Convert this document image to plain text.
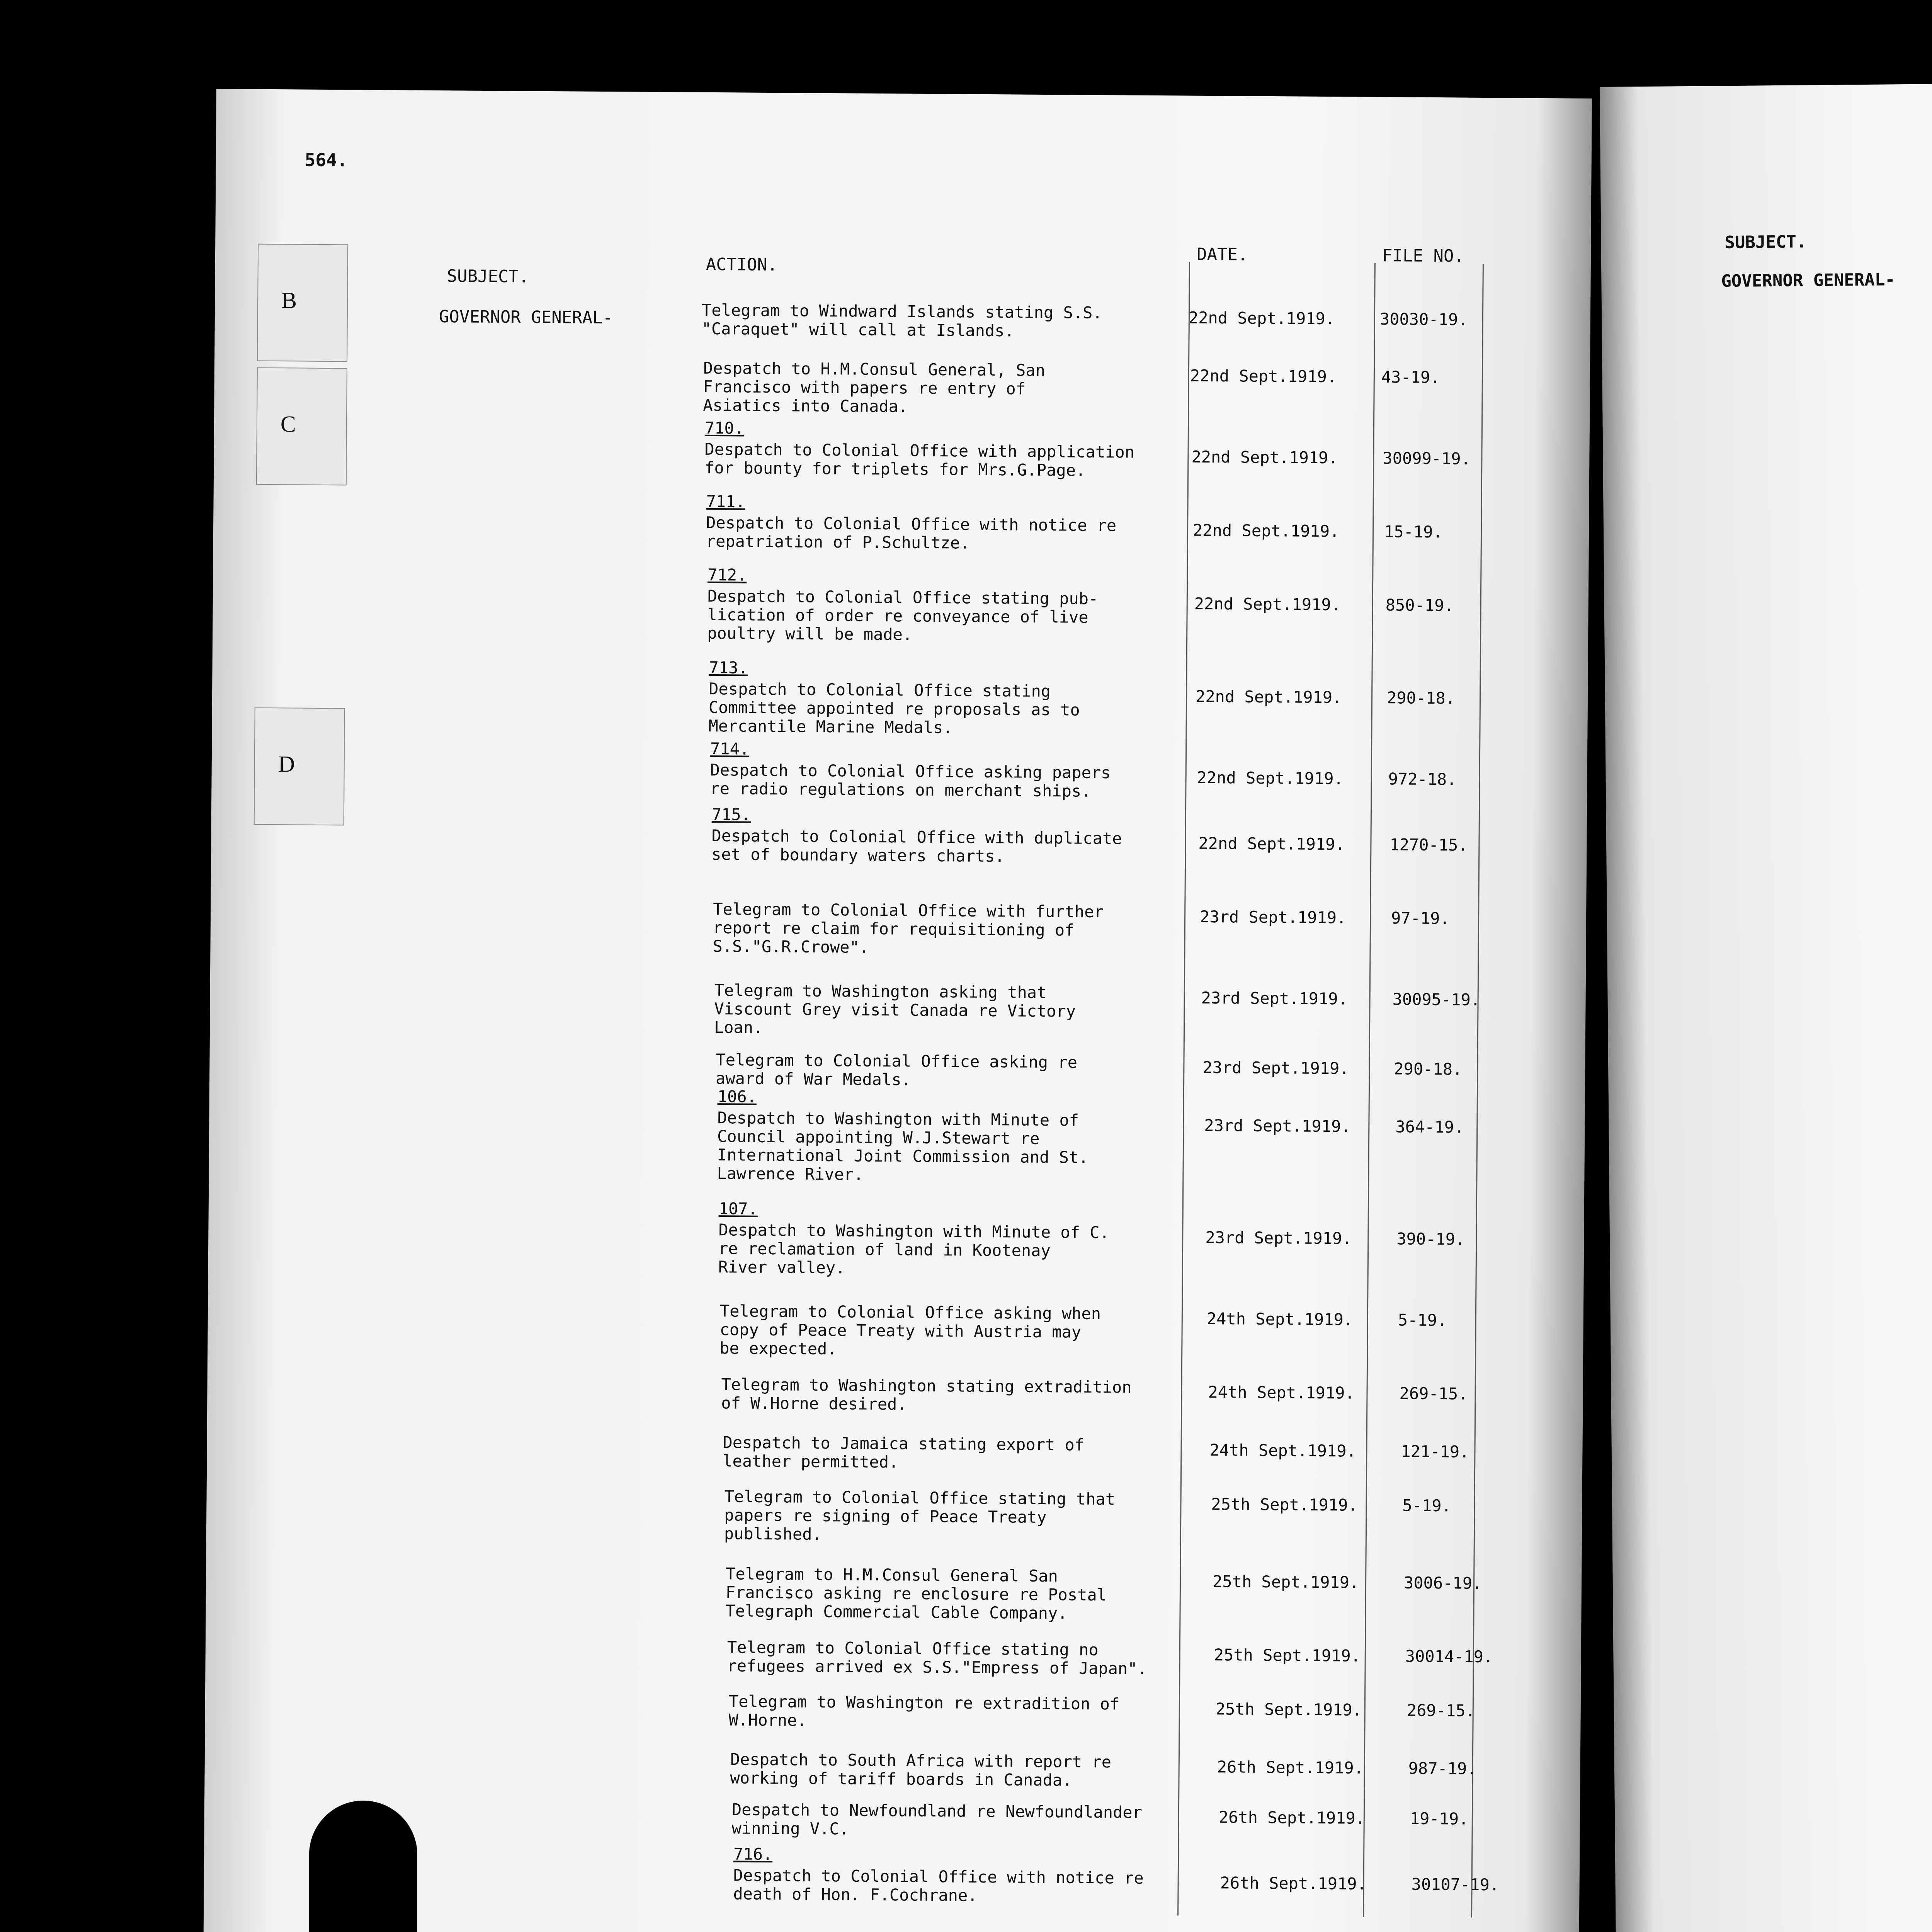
B
C
D
564.
SUBJECT.
ACTION.
DATE.	FILE NO.
GOVERNOR GENERAL-	Telegram to Windward Islands stating S.S.
"Caraquet" will call at Islands.
22nd Sept.1919.	30030-19.
Despatch to H.M.Consul General, San
Francisco with papers re entry of
Asiatics into Canada.
22nd Sept.1919.	43-19.
710.
Despatch to Colonial Office with application
for bounty for triplets for Mrs.G.Page.
22nd Sept.1919.	30099-19.
711.
Despatch to Colonial Office with notice re
repatriation of P.Schultze.
22nd Sept.1919.	15-19.
712.
Despatch to Colonial Office stating pub-
lication of order re conveyance of live
poultry will be made.
22nd Sept.1919.	850-19.
713.
Despatch to Colonial Office stating
Committee appointed re proposals as to
Mercantile Marine Medals.
22nd Sept.1919.	290-18.
714.
Despatch to Colonial Office asking papers
re radio regulations on merchant ships.
22nd Sept.1919.	972-18.
715.
Despatch to Colonial Office with duplicate
set of boundary waters charts.
22nd Sept.1919.	1270-15.
Telegram to Colonial Office with further
report re claim for requisitioning of
S.S."G.R.Crowe".
23rd Sept.1919.	97-19.
Telegram to Washington asking that
Viscount Grey visit Canada re Victory
Loan.
23rd Sept.1919.	30095-19.
Telegram to Colonial Office asking re
award of War Medals.
23rd Sept.1919.	290-18.
106.
Despatch to Washington with Minute of
Council appointing W.J.Stewart re
International Joint Commission and St.
Lawrence River.
23rd Sept.1919.	364-19.
107.
Despatch to Washington with Minute of C.
re reclamation of land in Kootenay
River valley.
23rd Sept.1919.	390-19.
Telegram to Colonial Office asking when
copy of Peace Treaty with Austria may
be expected.
24th Sept.1919.	5-19.
Telegram to Washington stating extradition
of W.Horne desired.
24th Sept.1919.	269-15.
Despatch to Jamaica stating export of
leather permitted.
24th Sept.1919.	121-19.
Telegram to Colonial Office stating that
papers re signing of Peace Treaty
published.
25th Sept.1919.	5-19.
Telegram to H.M.Consul General San
Francisco asking re enclosure re Postal
Telegraph Commercial Cable Company.
25th Sept.1919.	3006-19.
Telegram to Colonial Office stating no
refugees arrived ex S.S."Empress of Japan".
25th Sept.1919.	30014-19.
Telegram to Washington re extradition of
W.Horne.
25th Sept.1919.	269-15.
Despatch to South Africa with report re
working of tariff boards in Canada.
26th Sept.1919.	987-19.
Despatch to Newfoundland re Newfoundlander
winning V.C.
26th Sept.1919.	19-19.
716.
Despatch to Colonial Office with notice re
death of Hon. F.Cochrane.
26th Sept.1919.	30107-19.
SUBJECT.
GOVERNOR GENERAL-
